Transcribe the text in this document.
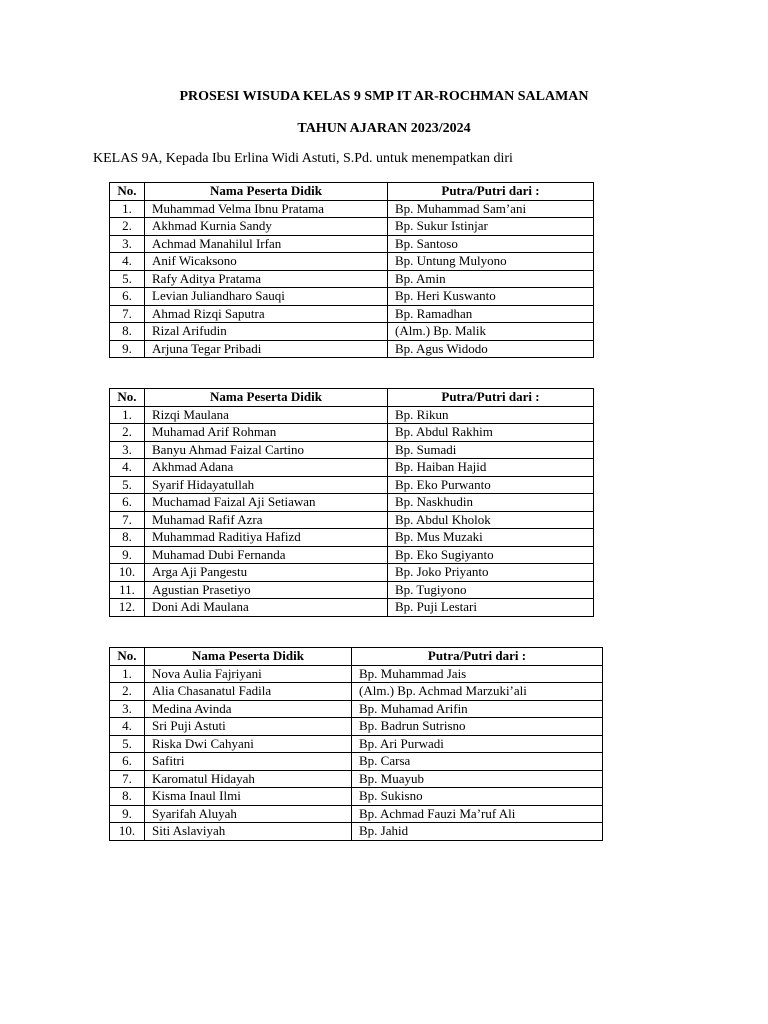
PROSESI WISUDA KELAS 9 SMP IT AR-ROCHMAN SALAMAN
TAHUN AJARAN 2023/2024
KELAS 9A, Kepada Ibu Erlina Widi Astuti, S.Pd. untuk menempatkan diri
No.	Nama Peserta Didik	Putra/Putri dari :
1.	Muhammad Velma Ibnu Pratama	Bp. Muhammad Sam’ani
2.	Akhmad Kurnia Sandy	Bp. Sukur Istinjar
3.	Achmad Manahilul Irfan	Bp. Santoso
4.	Anif Wicaksono	Bp. Untung Mulyono
5.	Rafy Aditya Pratama	Bp. Amin
6.	Levian Juliandharo Sauqi	Bp. Heri Kuswanto
7.	Ahmad Rizqi Saputra	Bp. Ramadhan
8.	Rizal Arifudin	(Alm.) Bp. Malik
9.	Arjuna Tegar Pribadi	Bp. Agus Widodo
No.	Nama Peserta Didik	Putra/Putri dari :
1.	Rizqi Maulana	Bp. Rikun
2.	Muhamad Arif Rohman	Bp. Abdul Rakhim
3.	Banyu Ahmad Faizal Cartino	Bp. Sumadi
4.	Akhmad Adana	Bp. Haiban Hajid
5.	Syarif Hidayatullah	Bp. Eko Purwanto
6.	Muchamad Faizal Aji Setiawan	Bp. Naskhudin
7.	Muhamad Rafif Azra	Bp. Abdul Kholok
8.	Muhammad Raditiya Hafizd	Bp. Mus Muzaki
9.	Muhamad Dubi Fernanda	Bp. Eko Sugiyanto
10.	Arga Aji Pangestu	Bp. Joko Priyanto
11.	Agustian Prasetiyo	Bp. Tugiyono
12.	Doni Adi Maulana	Bp. Puji Lestari
No.	Nama Peserta Didik	Putra/Putri dari :
1.	Nova Aulia Fajriyani	Bp. Muhammad Jais
2.	Alia Chasanatul Fadila	(Alm.) Bp. Achmad Marzuki’ali
3.	Medina Avinda	Bp. Muhamad Arifin
4.	Sri Puji Astuti	Bp. Badrun Sutrisno
5.	Riska Dwi Cahyani	Bp. Ari Purwadi
6.	Safitri	Bp. Carsa
7.	Karomatul Hidayah	Bp. Muayub
8.	Kisma Inaul Ilmi	Bp. Sukisno
9.	Syarifah Aluyah	Bp. Achmad Fauzi Ma’ruf Ali
10.	Siti Aslaviyah	Bp. Jahid
